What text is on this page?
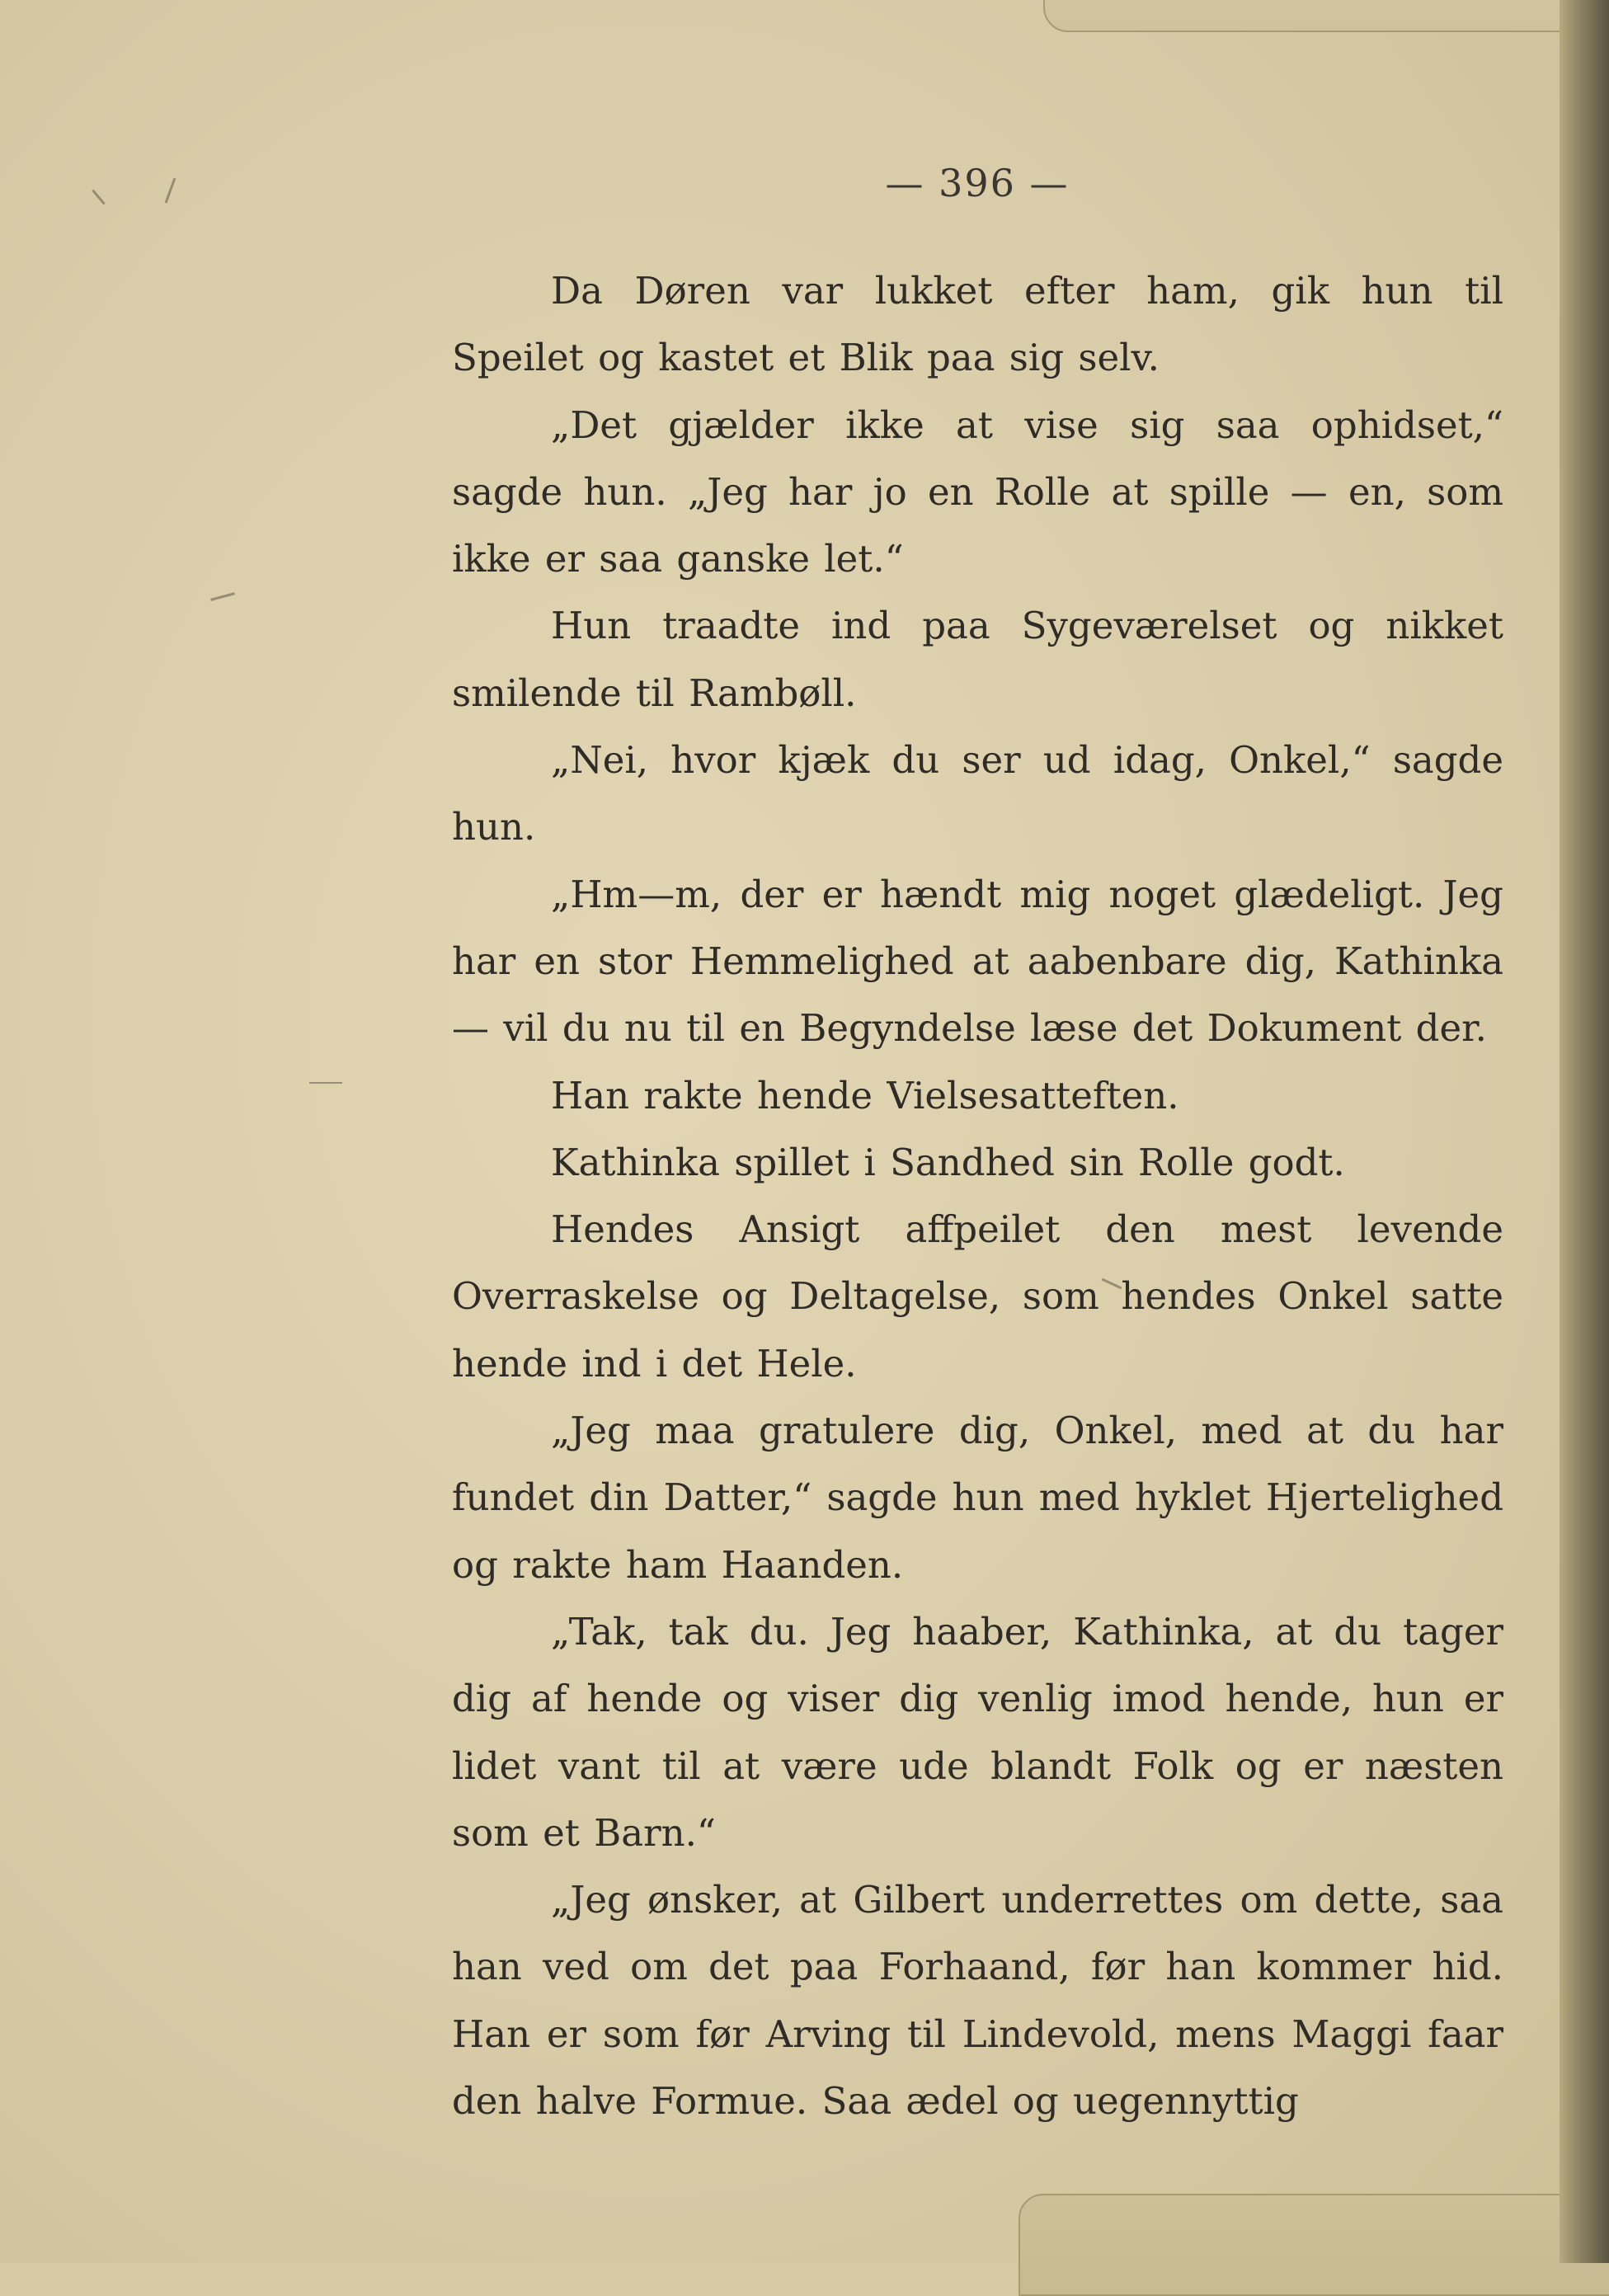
— 396 —

Da Døren var lukket efter ham, gik hun til Speilet og kastet et Blik paa sig selv.

„Det gjælder ikke at vise sig saa ophidset,“ sagde hun. „Jeg har jo en Rolle at spille — en, som ikke er saa ganske let.“

Hun traadte ind paa Sygeværelset og nikket smilende til Rambøll.

„Nei, hvor kjæk du ser ud idag, Onkel,“ sagde hun.

„Hm—m, der er hændt mig noget glædeligt. Jeg har en stor Hemmelighed at aabenbare dig, Kathinka — vil du nu til en Begyndelse læse det Dokument der.

Han rakte hende Vielsesatteften.

Kathinka spillet i Sandhed sin Rolle godt.

Hendes Ansigt affpeilet den mest levende Overraskelse og Deltagelse, som hendes Onkel satte hende ind i det Hele.

„Jeg maa gratulere dig, Onkel, med at du har fundet din Datter,“ sagde hun med hyklet Hjertelighed og rakte ham Haanden.

„Tak, tak du. Jeg haaber, Kathinka, at du tager dig af hende og viser dig venlig imod hende, hun er lidet vant til at være ude blandt Folk og er næsten som et Barn.“

„Jeg ønsker, at Gilbert underrettes om dette, saa han ved om det paa Forhaand, før han kommer hid. Han er som før Arving til Lindevold, mens Maggi faar den halve Formue. Saa ædel og uegennyttig
